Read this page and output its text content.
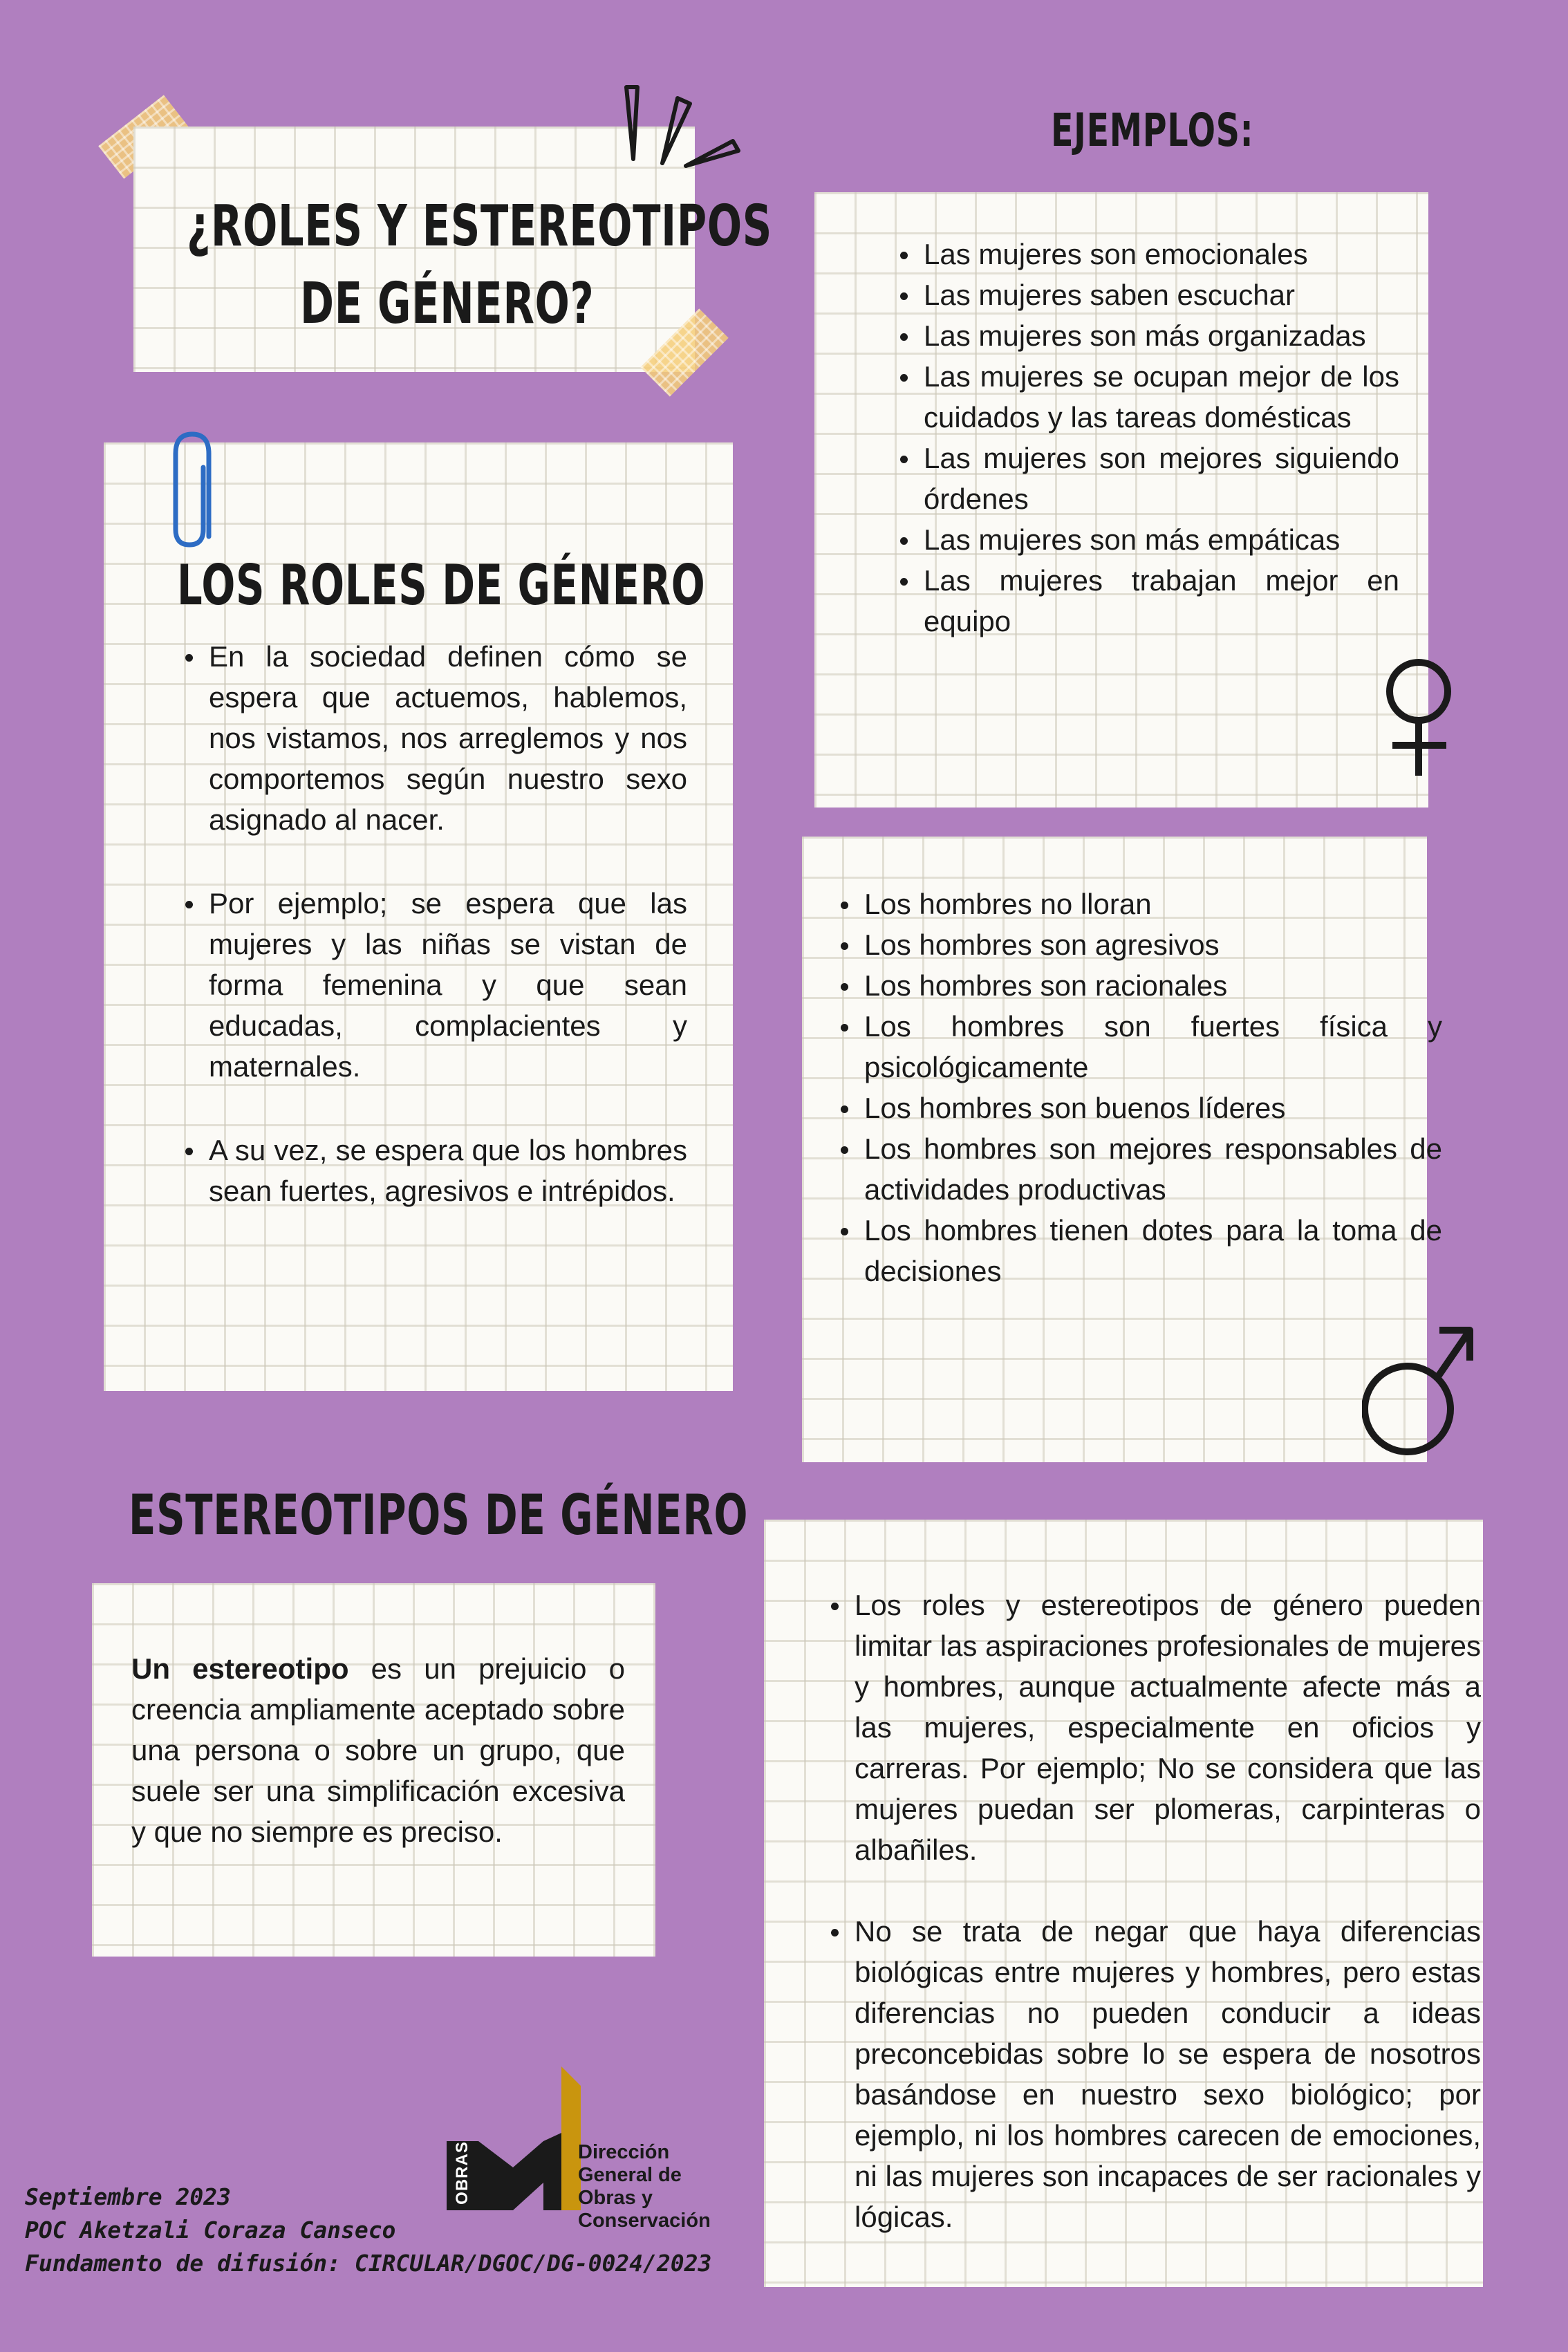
¿ROLES Y ESTEREOTIPOS
DE GÉNERO?
LOS ROLES DE GÉNERO
En la sociedad definen cómo se espera que actuemos, hablemos, nos vistamos, nos arreglemos y nos comportemos según nuestro sexo asignado al nacer.
Por ejemplo; se espera que las mujeres y las niñas se vistan de forma femenina y que sean educadas, complacientes y maternales.
A su vez, se espera que los hombres sean fuertes, agresivos e intrépidos.
EJEMPLOS:
Las mujeres son emocionales
Las mujeres saben escuchar
Las mujeres son más organizadas
Las mujeres se ocupan mejor de los cuidados y las tareas domésticas
Las mujeres son mejores siguiendo órdenes
Las mujeres son más empáticas
Las mujeres trabajan mejor en equipo
Los hombres no lloran
Los hombres son agresivos
Los hombres son racionales
Los hombres son fuertes física y psicológicamente
Los hombres son buenos líderes
Los hombres son mejores responsables de actividades productivas
Los hombres tienen dotes para la toma de decisiones
ESTEREOTIPOS DE GÉNERO
Un estereotipo es un prejuicio o creencia ampliamente aceptado sobre una persona o sobre un grupo, que suele ser una simplificación excesiva y que no siempre es preciso.
Los roles y estereotipos de género pueden limitar las aspiraciones profesionales de mujeres y hombres, aunque actualmente afecte más a las mujeres, especialmente en oficios y carreras. Por ejemplo; No se considera que las mujeres puedan ser plomeras, carpinteras o albañiles.
No se trata de negar que haya diferencias biológicas entre mujeres y hombres, pero estas diferencias no pueden conducir a ideas preconcebidas sobre lo se espera de nosotros basándose en nuestro sexo biológico; por ejemplo, ni los hombres carecen de emociones, ni las mujeres son incapaces de ser racionales y lógicas.
OBRAS	Dirección
General de
Obras y
Conservación
Septiembre 2023
POC Aketzali Coraza Canseco
Fundamento de difusión: CIRCULAR/DGOC/DG-0024/2023
